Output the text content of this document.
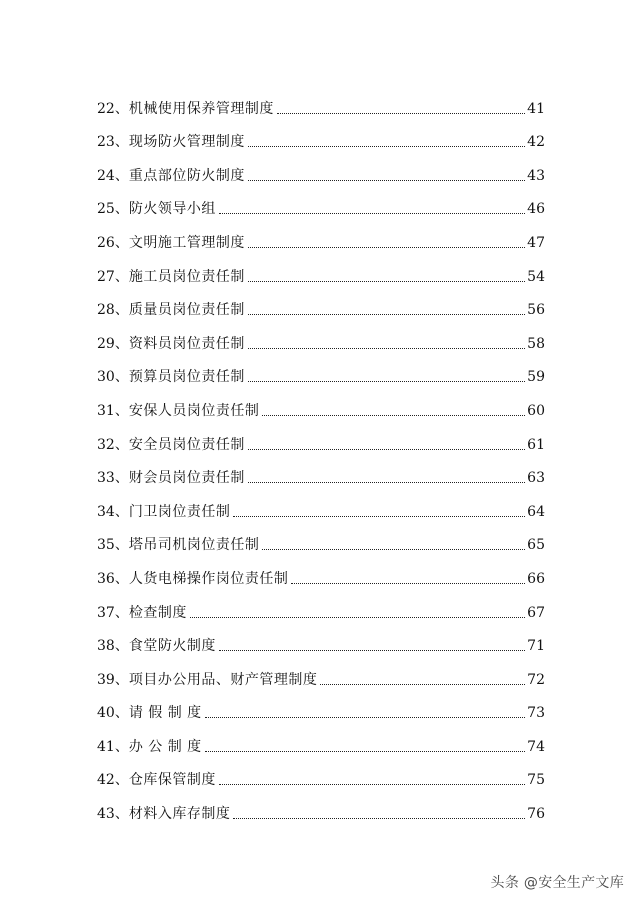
22、 机械使用保养管理制度	41
23、 现场防火管理制度	42
24、 重点部位防火制度	43
25、 防火领导小组	46
26、 文明施工管理制度	47
27、 施工员岗位责任制	54
28、 质量员岗位责任制	56
29、 资料员岗位责任制	58
30、 预算员岗位责任制	59
31、 安保人员岗位责任制	60
32、 安全员岗位责任制	61
33、 财会员岗位责任制	63
34、 门卫岗位责任制	64
35、 塔吊司机岗位责任制	65
36、 人货电梯操作岗位责任制	66
37、 检查制度	67
38、 食堂防火制度	71
39、 项目办公用品、财产管理制度	72
40、 请 假 制 度	73
41、 办 公 制 度	74
42、 仓库保管制度	75
43、 材料入库存制度	76
头条 @安全生产文库
